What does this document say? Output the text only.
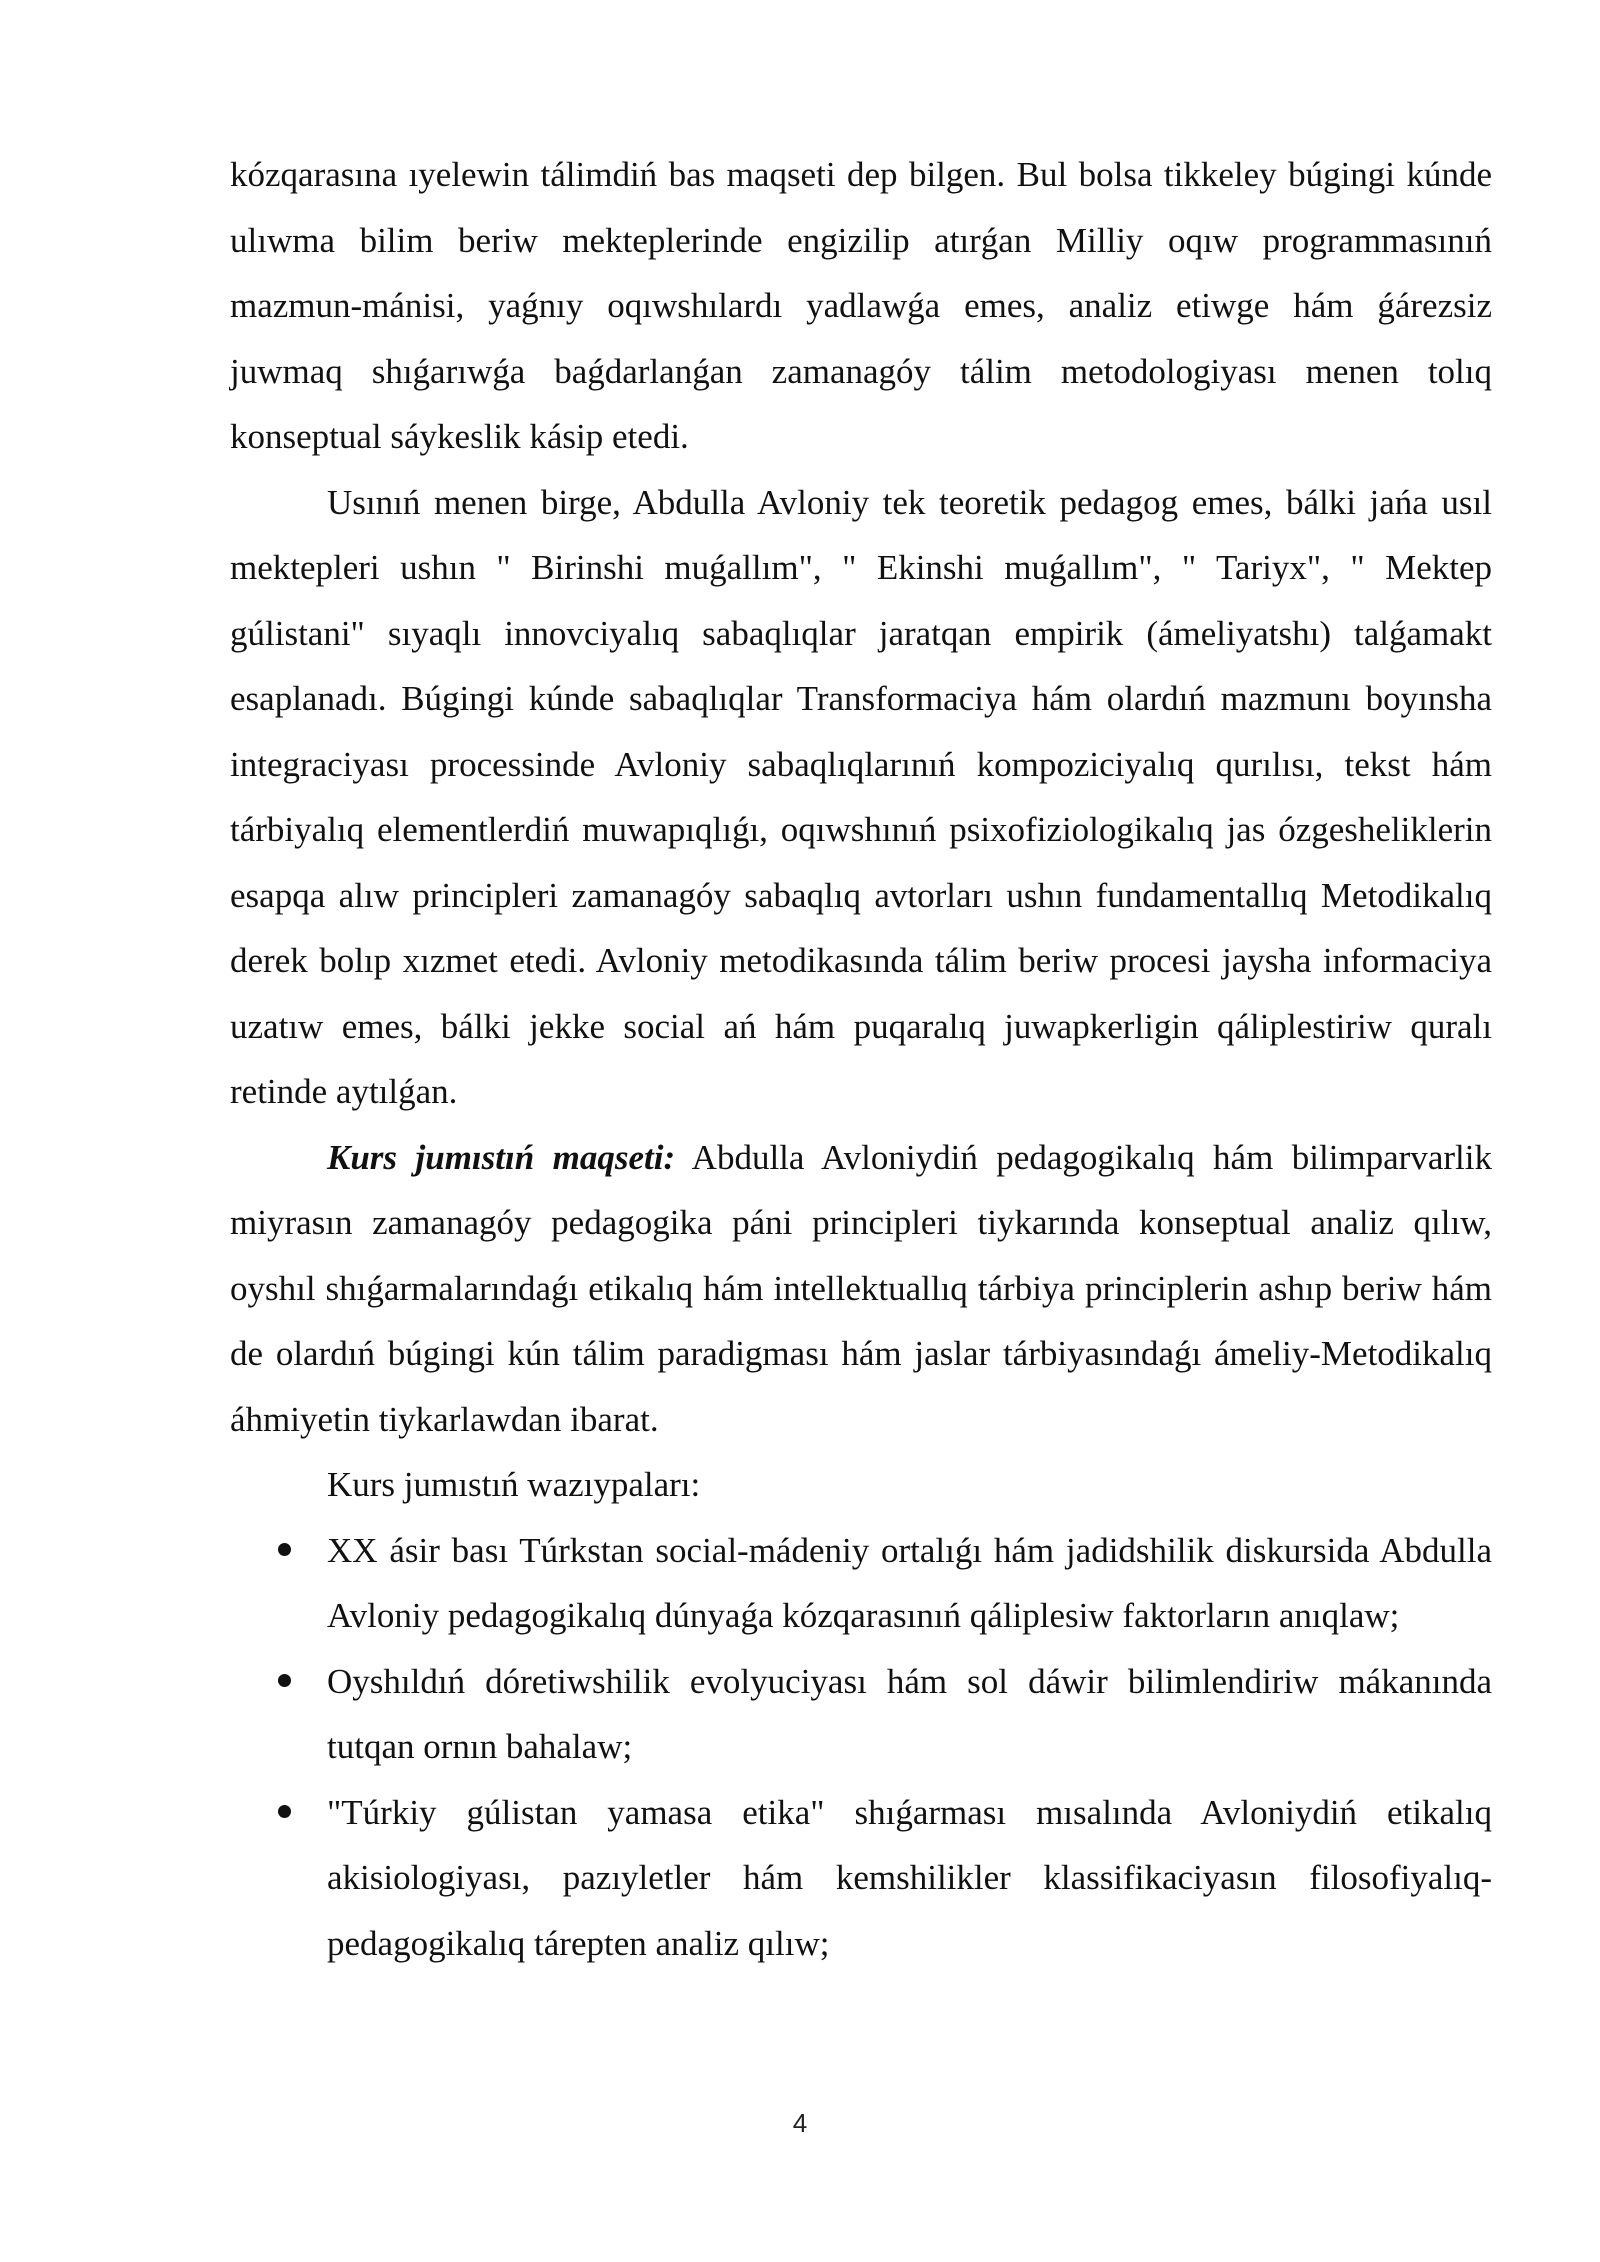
kózqarasına ıyelewin tálimdiń bas maqseti dep bilgen. Bul bolsa tikkeley búgingi kúnde ulıwma bilim beriw mekteplerinde engizilip atırǵan Milliy oqıw programmasınıń mazmun-mánisi, yaǵnıy oqıwshılardı yadlawǵa emes, analiz etiwge hám ǵárezsiz juwmaq shıǵarıwǵa baǵdarlanǵan zamanagóy tálim metodologiyası menen tolıq konseptual sáykeslik kásip etedi.

Usınıń menen birge, Abdulla Avloniy tek teoretik pedagog emes, bálki jańa usıl mektepleri ushın " Birinshi muǵallım", " Ekinshi muǵallım", " Tariyx", " Mektep gúlistani" sıyaqlı innovciyalıq sabaqlıqlar jaratqan empirik (ámeliyatshı) talǵamakt esaplanadı. Búgingi kúnde sabaqlıqlar Transformaciya hám olardıń mazmunı boyınsha integraciyası processinde Avloniy sabaqlıqlarınıń kompoziciyalıq qurılısı, tekst hám tárbiyalıq elementlerdiń muwapıqlıǵı, oqıwshınıń psixofiziologikalıq jas ózgesheliklerin esapqa alıw principleri zamanagóy sabaqlıq avtorları ushın fundamentallıq Metodikalıq derek bolıp xızmet etedi. Avloniy metodikasında tálim beriw procesi jaysha informaciya uzatıw emes, bálki jekke social ań hám puqaralıq juwapkerligin qáliplestiriw quralı retinde aytılǵan.

Kurs jumıstıń maqseti: Abdulla Avloniydiń pedagogikalıq hám bilimparvarlik miyrasın zamanagóy pedagogika páni principleri tiykarında konseptual analiz qılıw, oyshıl shıǵarmalarındaǵı etikalıq hám intellektuallıq tárbiya principlerin ashıp beriw hám de olardıń búgingi kún tálim paradigması hám jaslar tárbiyasındaǵı ámeliy-Metodikalıq áhmiyetin tiykarlawdan ibarat.

Kurs jumıstıń wazıypaları:

XX ásir bası Túrkstan social-mádeniy ortalıǵı hám jadidshilik diskursida Abdulla Avloniy pedagogikalıq dúnyaǵa kózqarasınıń qáliplesiw faktorların anıqlaw;
Oyshıldıń dóretiwshilik evolyuciyası hám sol dáwir bilimlendiriw mákanında tutqan ornın bahalaw;
"Túrkiy gúlistan yamasa etika" shıǵarması mısalında Avloniydiń etikalıq akisiologiyası, pazıyletler hám kemshilikler klassifikaciyasın filosofiyalıq-pedagogikalıq tárepten analiz qılıw;
4
